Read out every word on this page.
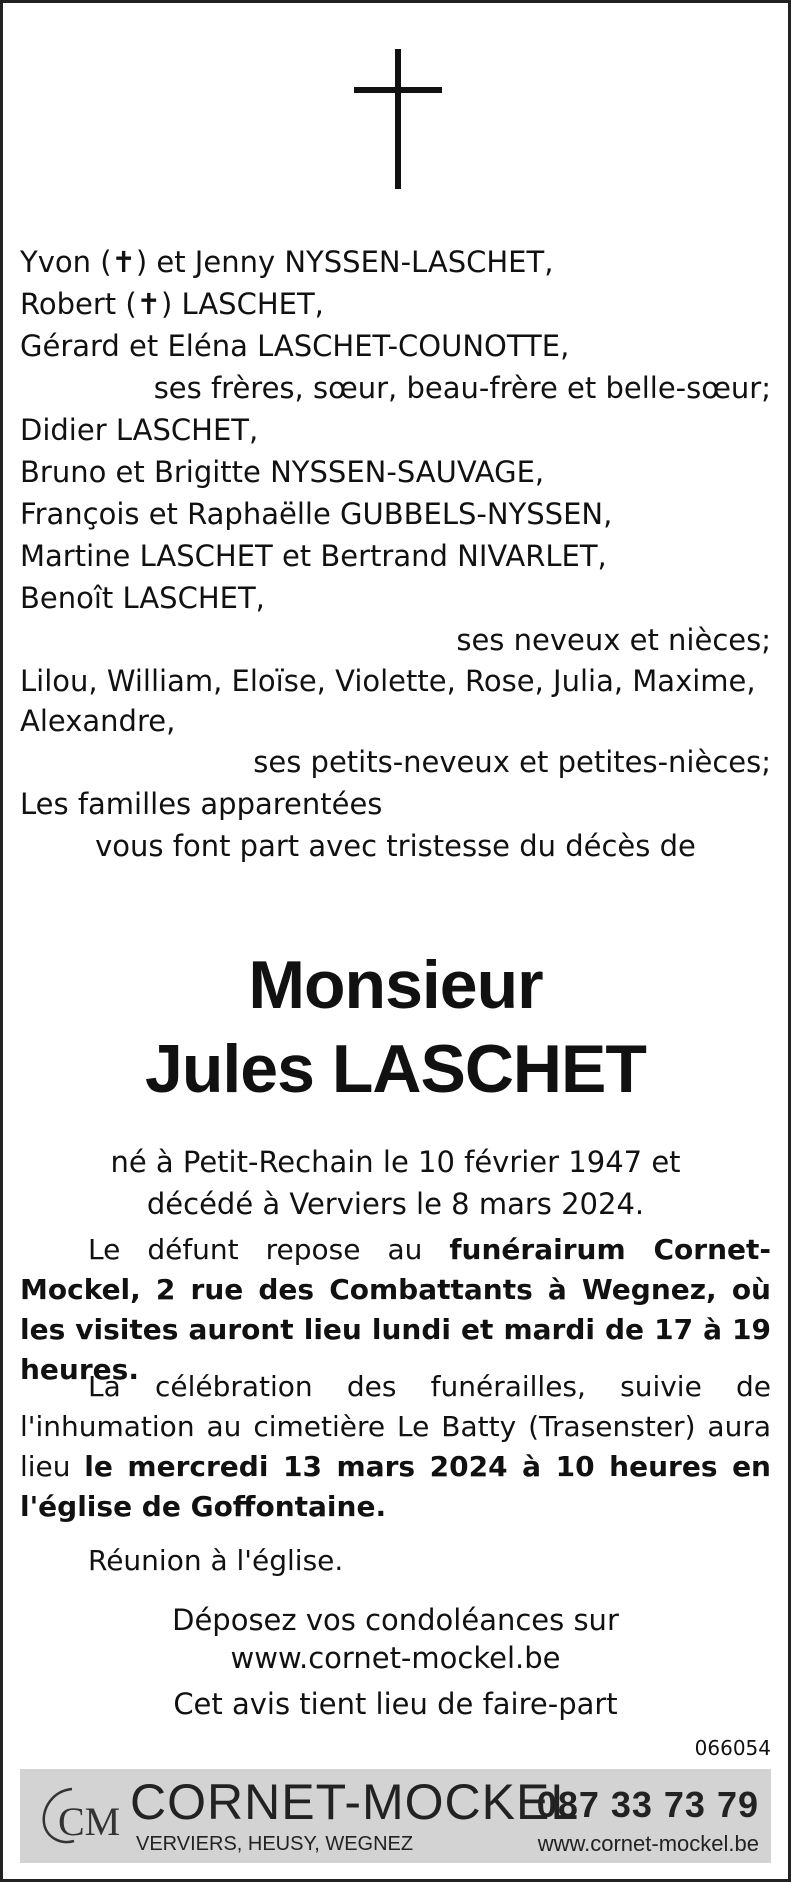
Yvon (✝) et Jenny NYSSEN-LASCHET,
Robert (✝) LASCHET,
Gérard et Eléna LASCHET-COUNOTTE,
ses frères, sœur, beau-frère et belle-sœur;
Didier LASCHET,
Bruno et Brigitte NYSSEN-SAUVAGE,
François et Raphaëlle GUBBELS-NYSSEN,
Martine LASCHET et Bertrand NIVARLET,
Benoît LASCHET,
ses neveux et nièces;
Lilou, William, Eloïse, Violette, Rose, Julia, Maxime, Alexandre,
ses petits-neveux et petites-nièces;
Les familles apparentées
vous font part avec tristesse du décès de
Monsieur
Jules LASCHET
né à Petit-Rechain le 10 février 1947 et
décédé à Verviers le 8 mars 2024.
Le défunt repose au funérairum Cornet-Mockel, 2 rue des Combattants à Wegnez, où les visites auront lieu lundi et mardi de 17 à 19 heures.
La célébration des funérailles, suivie de l'inhumation au cimetière Le Batty (Trasenster) aura lieu le mercredi 13 mars 2024 à 10 heures en l'église de Goffontaine.
Réunion à l'église.
Déposez vos condoléances sur
www.cornet-mockel.be
Cet avis tient lieu de faire-part
066054
CM CORNET-MOCKEL
087 33 73 79
VERVIERS, HEUSY, WEGNEZ	www.cornet-mockel.be
